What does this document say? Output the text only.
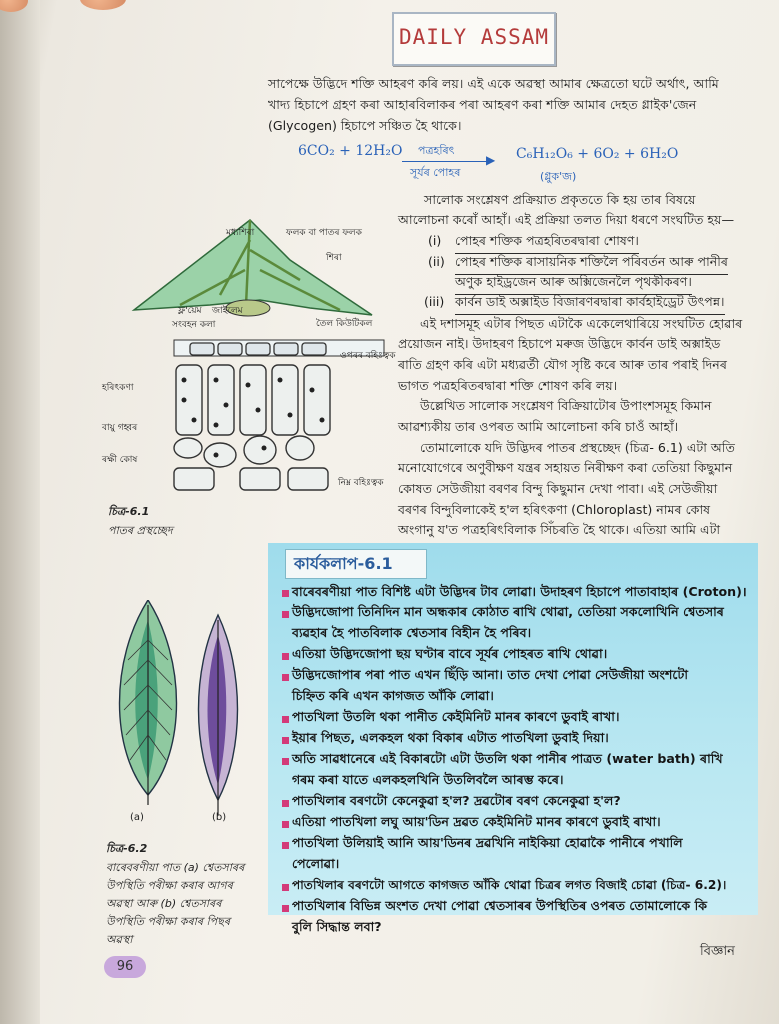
DAILY ASSAM
সাপেক্ষে উদ্ভিদে শক্তি আহৰণ কৰি লয়। এই একে অৱস্থা আমাৰ ক্ষেত্ৰতো ঘটে অৰ্থাৎ, আমি
খাদ্য হিচাপে গ্ৰহণ কৰা আহাৰবিলাকৰ পৰা আহৰণ কৰা শক্তি আমাৰ দেহত গ্লাইক'জেন
(Glycogen) হিচাপে সঞ্চিত হৈ থাকে।
6CO₂ + 12H₂O পত্ৰহৰিৎ
▶
সূৰ্যৰ পোহৰ
C₆H₁₂O₆ + 6O₂ + 6H₂O
(গ্লুক'জ)
সালোক সংশ্লেষণ প্ৰক্ৰিয়াত প্ৰকৃততে কি হয় তাৰ বিষয়ে
আলোচনা কৰোঁ আহাঁ। এই প্ৰক্ৰিয়া তলত দিয়া ধৰণে সংঘটিত হয়—
(i) পোহৰ শক্তিক পত্ৰহৰিতৰদ্বাৰা শোষণ।
(ii) পোহৰ শক্তিক ৰাসায়নিক শক্তিলৈ পৰিবৰ্তন আৰু পানীৰ
অণুক হাইড্ৰজেন আৰু অক্সিজেনলৈ পৃথকীকৰণ।
(iii) কাৰ্বন ডাই অক্সাইড বিজাৰণৰদ্বাৰা কাৰ্বহাইড্ৰেট উৎপন্ন।
এই দশাসমূহ এটাৰ পিছত এটাকৈ একেলেথাৰিয়ে সংঘটিত হোৱাৰ
প্ৰয়োজন নাই। উদাহৰণ হিচাপে মৰুজ উদ্ভিদে কাৰ্বন ডাই অক্সাইড
ৰাতি গ্ৰহণ কৰি এটা মধ্যৱৰ্তী যৌগ সৃষ্টি কৰে আৰু তাৰ পৰাই দিনৰ
ভাগত পত্ৰহৰিতৰদ্বাৰা শক্তি শোষণ কৰি লয়।
উল্লেখিত সালোক সংশ্লেষণ বিক্ৰিয়াটোৰ উপাংশসমূহ কিমান
আৱশ্যকীয় তাৰ ওপৰত আমি আলোচনা কৰি চাওঁ আহাঁ।
তোমালোকে যদি উদ্ভিদৰ পাতৰ প্ৰস্থচ্ছেদ (চিত্ৰ- 6.1) এটা অতি
মনোযোগেৰে অণুবীক্ষণ যন্ত্ৰৰ সহায়ত নিৰীক্ষণ কৰা তেতিয়া কিছুমান
কোষত সেউজীয়া বৰণৰ বিন্দু কিছুমান দেখা পাবা। এই সেউজীয়া
বৰণৰ বিন্দুবিলাকেই হ'ল হৰিৎকণা (Chloroplast) নামৰ কোষ
অংগানু য'ত পত্ৰহৰিৎবিলাক সিঁচৰতি হৈ থাকে। এতিয়া আমি এটা
মধ্যশিৰা	ফলক বা পাতৰ ফলক
শিৰা
ফ্ল'য়েম জাইলেম
সংবহন কলা	তৈল কিউটিকল
ওপৰৰ বহিঃত্বক
হৰিৎকণা
বায়ু গহ্বৰ
ৰক্ষী কোষ
নিম্ন বহিঃত্বক
চিত্ৰ-6.1
পাতৰ প্ৰস্থচ্ছেদ
কাৰ্যকলাপ-6.1
বাৰেবৰণীয়া পাত বিশিষ্ট এটা উদ্ভিদৰ টাব লোৱা। উদাহৰণ হিচাপে পাতাবাহাৰ (Croton)।
উদ্ভিদজোপা তিনিদিন মান অন্ধকাৰ কোঠাত ৰাখি থোৱা, তেতিয়া সকলোখিনি শ্বেতসাৰ
ব্যৱহাৰ হৈ পাতবিলাক শ্বেতসাৰ বিহীন হৈ পৰিব।
এতিয়া উদ্ভিদজোপা ছয় ঘণ্টাৰ বাবে সূৰ্যৰ পোহৰত ৰাখি থোৱা।
উদ্ভিদজোপাৰ পৰা পাত এখন ছিঁড়ি আনা। তাত দেখা পোৱা সেউজীয়া অংশটো
চিহ্নিত কৰি এখন কাগজত আঁকি লোৱা।
পাতখিলা উতলি থকা পানীত কেইমিনিট মানৰ কাৰণে ডুবাই ৰাখা।
ইয়াৰ পিছত, এলকহল থকা বিকাৰ এটাত পাতখিলা ডুবাই দিয়া।
অতি সাৱধানেৰে এই বিকাৰটো এটা উতলি থকা পানীৰ পাত্ৰত (water bath) ৰাখি
গৰম কৰা যাতে এলকহলখিনি উতলিবলৈ আৰম্ভ কৰে।
পাতখিলাৰ বৰণটো কেনেকুৱা হ'ল? দ্ৰৱটোৰ বৰণ কেনেকুৱা হ'ল?
এতিয়া পাতখিলা লঘু আয়'ডিন দ্ৰৱত কেইমিনিট মানৰ কাৰণে ডুবাই ৰাখা।
পাতখিলা উলিয়াই আনি আয়'ডিনৰ দ্ৰৱখিনি নাইকিয়া হোৱাকৈ পানীৰে পখালি
পেলোৱা।
পাতখিলাৰ বৰণটো আগতে কাগজত আঁকি থোৱা চিত্ৰৰ লগত বিজাই চোৱা (চিত্ৰ- 6.2)।
পাতখিলাৰ বিভিন্ন অংশত দেখা পোৱা শ্বেতসাৰৰ উপস্থিতিৰ ওপৰত তোমালোকে কি
বুলি সিদ্ধান্ত লবা?
(a)	(b)
চিত্ৰ-6.2
বাৰেবৰণীয়া পাত (a) শ্বেতসাৰৰ
উপস্থিতি পৰীক্ষা কৰাৰ আগৰ
অৱস্থা আৰু (b) শ্বেতসাৰৰ
উপস্থিতি পৰীক্ষা কৰাৰ পিছৰ
অৱস্থা
96
বিজ্ঞান
